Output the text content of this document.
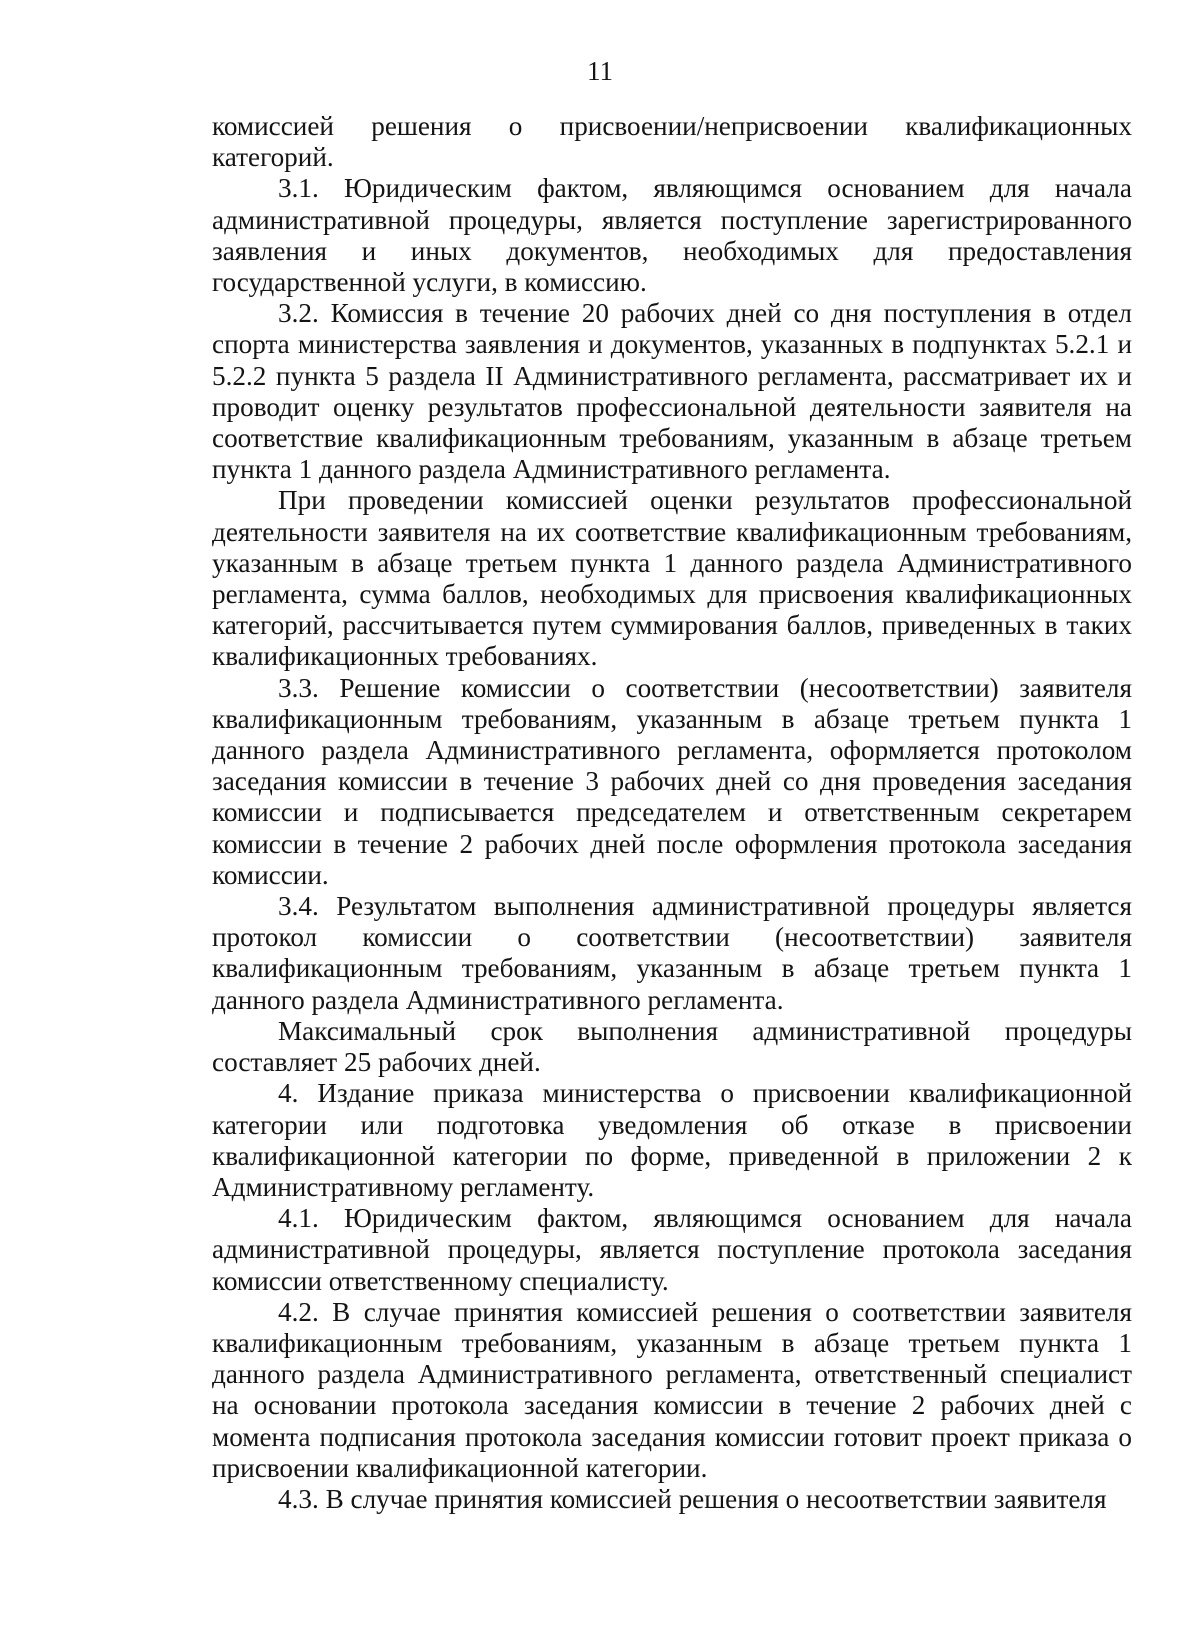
11

комиссией решения о присвоении/неприсвоении квалификационных категорий.

3.1. Юридическим фактом, являющимся основанием для начала административной процедуры, является поступление зарегистрированного заявления и иных документов, необходимых для предоставления государственной услуги, в комиссию.

3.2. Комиссия в течение 20 рабочих дней со дня поступления в отдел спорта министерства заявления и документов, указанных в подпунктах 5.2.1 и 5.2.2 пункта 5 раздела II Административного регламента, рассматривает их и проводит оценку результатов профессиональной деятельности заявителя на соответствие квалификационным требованиям, указанным в абзаце третьем пункта 1 данного раздела Административного регламента.

При проведении комиссией оценки результатов профессиональной деятельности заявителя на их соответствие квалификационным требованиям, указанным в абзаце третьем пункта 1 данного раздела Административного регламента, сумма баллов, необходимых для присвоения квалификационных категорий, рассчитывается путем суммирования баллов, приведенных в таких квалификационных требованиях.

3.3. Решение комиссии о соответствии (несоответствии) заявителя квалификационным требованиям, указанным в абзаце третьем пункта 1 данного раздела Административного регламента, оформляется протоколом заседания комиссии в течение 3 рабочих дней со дня проведения заседания комиссии и подписывается председателем и ответственным секретарем комиссии в течение 2 рабочих дней после оформления протокола заседания комиссии.

3.4. Результатом выполнения административной процедуры является протокол комиссии о соответствии (несоответствии) заявителя квалификационным требованиям, указанным в абзаце третьем пункта 1 данного раздела Административного регламента.

Максимальный срок выполнения административной процедуры составляет 25 рабочих дней.

4. Издание приказа министерства о присвоении квалификационной категории или подготовка уведомления об отказе в присвоении квалификационной категории по форме, приведенной в приложении 2 к Административному регламенту.

4.1. Юридическим фактом, являющимся основанием для начала административной процедуры, является поступление протокола заседания комиссии ответственному специалисту.

4.2. В случае принятия комиссией решения о соответствии заявителя квалификационным требованиям, указанным в абзаце третьем пункта 1 данного раздела Административного регламента, ответственный специалист на основании протокола заседания комиссии в течение 2 рабочих дней с момента подписания протокола заседания комиссии готовит проект приказа о присвоении квалификационной категории.

4.3. В случае принятия комиссией решения о несоответствии заявителя
